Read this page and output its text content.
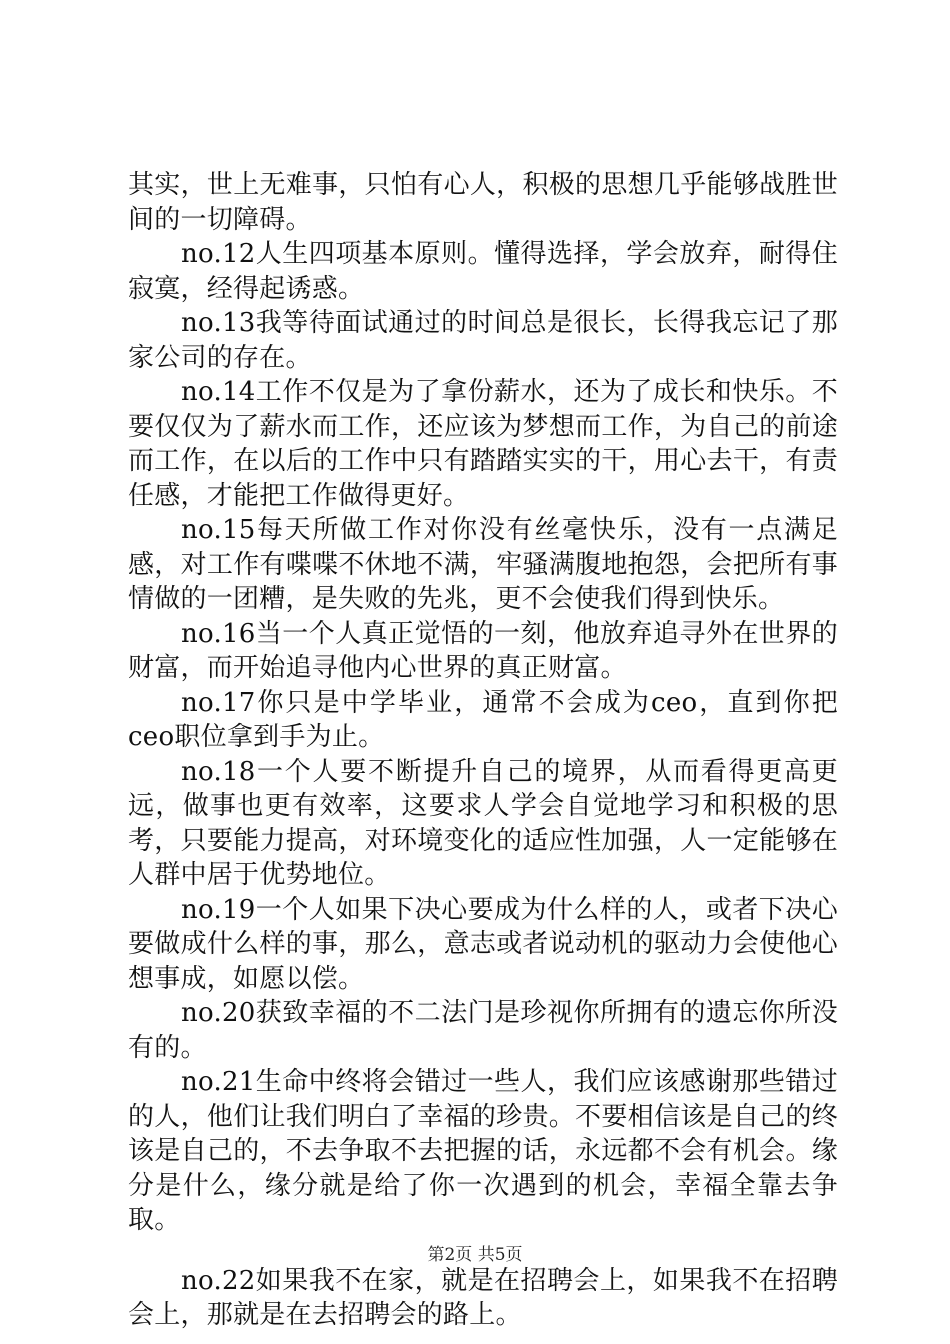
其实，世上无难事，只怕有心人，积极的思想几乎能够战胜世间的一切障碍。

no.12人生四项基本原则。懂得选择，学会放弃，耐得住寂寞，经得起诱惑。

no.13我等待面试通过的时间总是很长，长得我忘记了那家公司的存在。

no.14工作不仅是为了拿份薪水，还为了成长和快乐。不要仅仅为了薪水而工作，还应该为梦想而工作，为自己的前途而工作，在以后的工作中只有踏踏实实的干，用心去干，有责任感，才能把工作做得更好。

no.15每天所做工作对你没有丝毫快乐，没有一点满足感，对工作有喋喋不休地不满，牢骚满腹地抱怨，会把所有事情做的一团糟，是失败的先兆，更不会使我们得到快乐。

no.16当一个人真正觉悟的一刻，他放弃追寻外在世界的财富，而开始追寻他内心世界的真正财富。

no.17你只是中学毕业，通常不会成为ceo，直到你把ceo职位拿到手为止。

no.18一个人要不断提升自己的境界，从而看得更高更远，做事也更有效率，这要求人学会自觉地学习和积极的思考，只要能力提高，对环境变化的适应性加强，人一定能够在人群中居于优势地位。

no.19一个人如果下决心要成为什么样的人，或者下决心要做成什么样的事，那么，意志或者说动机的驱动力会使他心想事成，如愿以偿。

no.20获致幸福的不二法门是珍视你所拥有的遗忘你所没有的。

no.21生命中终将会错过一些人，我们应该感谢那些错过的人，他们让我们明白了幸福的珍贵。不要相信该是自己的终该是自己的，不去争取不去把握的话，永远都不会有机会。缘分是什么，缘分就是给了你一次遇到的机会，幸福全靠去争取。

no.22如果我不在家，就是在招聘会上，如果我不在招聘会上，那就是在去招聘会的路上。

第2页 共5页
